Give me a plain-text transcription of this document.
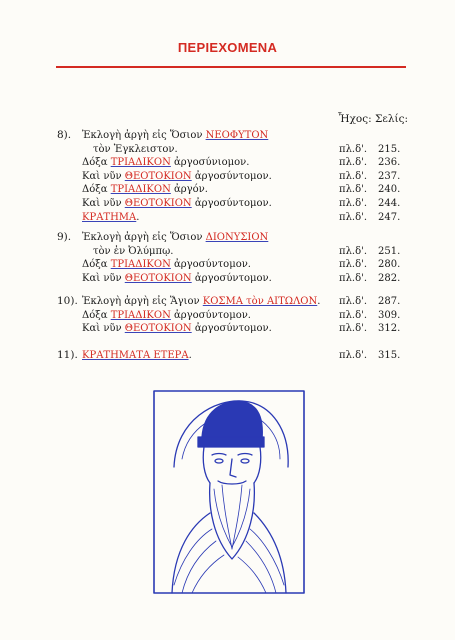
ΠΕΡΙΕΧΟΜΕΝΑ
Ἦχος: Σελίς:
8). Ἐκλογὴ ἀργὴ εἰς Ὅσιον ΝΕΟΦΥΤΟΝ
τὸν Ἐγκλειστον.	πλ.δ'. 215.
Δόξα ΤΡΙΑΔΙΚΟΝ ἀργοσύνιομον.	πλ.δ'. 236.
Καὶ νῦν ΘΕΟΤΟΚΙΟΝ ἀργοσύντομον.	πλ.δ'. 237.
Δόξα ΤΡΙΑΔΙΚΟΝ ἀργόν.	πλ.δ'. 240.
Καὶ νῦν ΘΕΟΤΟΚΙΟΝ ἀργοσύντομον.	πλ.δ'. 244.
ΚΡΑΤΗΜΑ.	πλ.δ'. 247.
9). Ἐκλογὴ ἀργὴ εἰς Ὅσιον ΔΙΟΝΥΣΙΟΝ
τὸν ἐν Ὀλύμπῳ.	πλ.δ'. 251.
Δόξα ΤΡΙΑΔΙΚΟΝ ἀργοσύντομον.	πλ.δ'. 280.
Καὶ νῦν ΘΕΟΤΟΚΙΟΝ ἀργοσύντομον.	πλ.δ'. 282.
10). Ἐκλογὴ ἀργὴ εἰς Ἅγιον ΚΟΣΜΑ τὸν ΑΙΤΩΛΟΝ. πλ.δ'. 287.
Δόξα ΤΡΙΑΔΙΚΟΝ ἀργοσύντομον.	πλ.δ'. 309.
Καὶ νῦν ΘΕΟΤΟΚΙΟΝ ἀργοσύντομον.	πλ.δ'. 312.
11). ΚΡΑΤΗΜΑΤΑ ΕΤΕΡΑ.	πλ.δ'. 315.
